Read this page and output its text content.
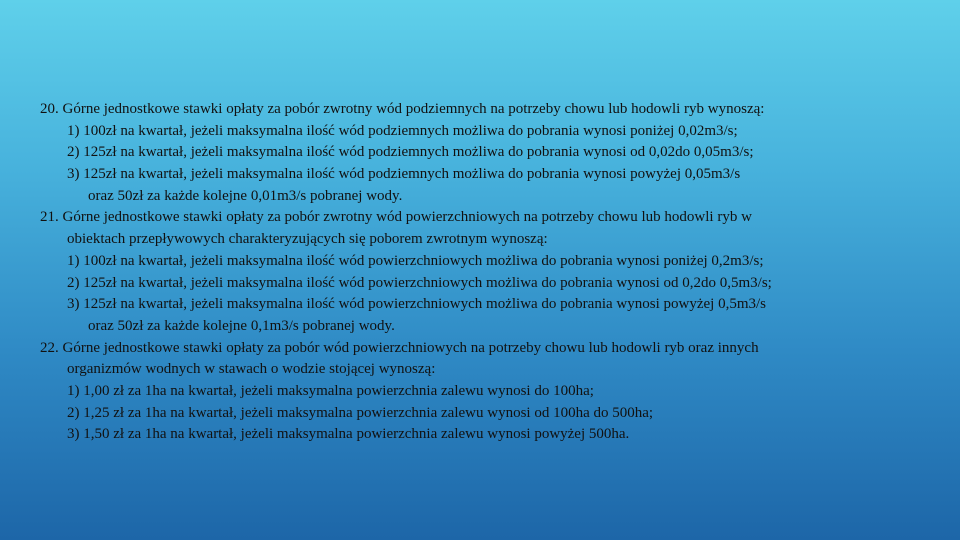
20. Górne jednostkowe stawki opłaty za pobór zwrotny wód podziemnych na potrzeby chowu lub hodowli ryb wynoszą:
1) 100zł na kwartał, jeżeli maksymalna ilość wód podziemnych możliwa do pobrania wynosi poniżej 0,02m3/s;
2) 125zł na kwartał, jeżeli maksymalna ilość wód podziemnych możliwa do pobrania wynosi od 0,02do 0,05m3/s;
3) 125zł na kwartał, jeżeli maksymalna ilość wód podziemnych możliwa do pobrania wynosi powyżej 0,05m3/s
oraz 50zł za każde kolejne 0,01m3/s pobranej wody.
21. Górne jednostkowe stawki opłaty za pobór zwrotny wód powierzchniowych na potrzeby chowu lub hodowli ryb w
obiektach przepływowych charakteryzujących się poborem zwrotnym wynoszą:
1) 100zł na kwartał, jeżeli maksymalna ilość wód powierzchniowych możliwa do pobrania wynosi poniżej 0,2m3/s;
2) 125zł na kwartał, jeżeli maksymalna ilość wód powierzchniowych możliwa do pobrania wynosi od 0,2do 0,5m3/s;
3) 125zł na kwartał, jeżeli maksymalna ilość wód powierzchniowych możliwa do pobrania wynosi powyżej 0,5m3/s
oraz 50zł za każde kolejne 0,1m3/s pobranej wody.
22. Górne jednostkowe stawki opłaty za pobór wód powierzchniowych na potrzeby chowu lub hodowli ryb oraz innych
organizmów wodnych w stawach o wodzie stojącej wynoszą:
1) 1,00 zł za 1ha na kwartał, jeżeli maksymalna powierzchnia zalewu wynosi do 100ha;
2) 1,25 zł za 1ha na kwartał, jeżeli maksymalna powierzchnia zalewu wynosi od 100ha do 500ha;
3) 1,50 zł za 1ha na kwartał, jeżeli maksymalna powierzchnia zalewu wynosi powyżej 500ha.
